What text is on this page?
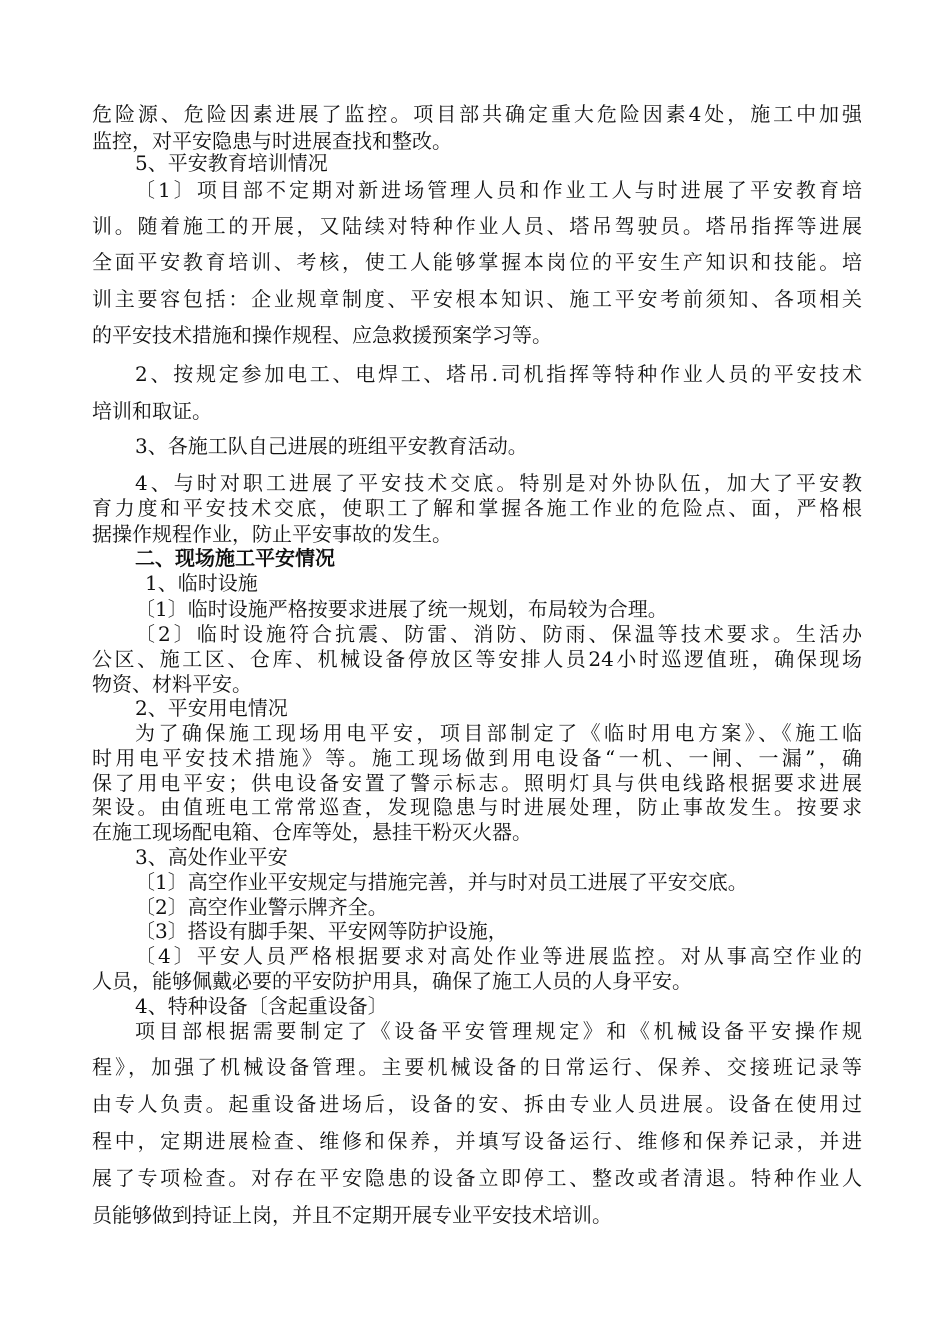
危险源、危险因素进展了监控。项目部共确定重大危险因素4处，施工中加强
监控，对平安隐患与时进展查找和整改。
5、平安教育培训情况
〔1〕项目部不定期对新进场管理人员和作业工人与时进展了平安教育培
训。随着施工的开展，又陆续对特种作业人员、塔吊驾驶员。塔吊指挥等进展
全面平安教育培训、考核，使工人能够掌握本岗位的平安生产知识和技能。培
训主要容包括：企业规章制度、平安根本知识、施工平安考前须知、各项相关
的平安技术措施和操作规程、应急救援预案学习等。
2、按规定参加电工、电焊工、塔吊.司机指挥等特种作业人员的平安技术
培训和取证。
3、各施工队自己进展的班组平安教育活动。
4、与时对职工进展了平安技术交底。特别是对外协队伍，加大了平安教
育力度和平安技术交底，使职工了解和掌握各施工作业的危险点、面，严格根
据操作规程作业，防止平安事故的发生。
二、现场施工平安情况
1、临时设施
〔1〕临时设施严格按要求进展了统一规划，布局较为合理。
〔2〕临时设施符合抗震、防雷、消防、防雨、保温等技术要求。生活办
公区、施工区、仓库、机械设备停放区等安排人员24小时巡逻值班，确保现场
物资、材料平安。
2、平安用电情况
为了确保施工现场用电平安，项目部制定了《临时用电方案》、《施工临
时用电平安技术措施》等。施工现场做到用电设备“一机、一闸、一漏”，确
保了用电平安；供电设备安置了警示标志。照明灯具与供电线路根据要求进展
架设。由值班电工常常巡查，发现隐患与时进展处理，防止事故发生。按要求
在施工现场配电箱、仓库等处，悬挂干粉灭火器。
3、高处作业平安
〔1〕高空作业平安规定与措施完善，并与时对员工进展了平安交底。
〔2〕高空作业警示牌齐全。
〔3〕搭设有脚手架、平安网等防护设施，
〔4〕平安人员严格根据要求对高处作业等进展监控。对从事高空作业的
人员，能够佩戴必要的平安防护用具，确保了施工人员的人身平安。
4、特种设备〔含起重设备〕
项目部根据需要制定了《设备平安管理规定》和《机械设备平安操作规
程》，加强了机械设备管理。主要机械设备的日常运行、保养、交接班记录等
由专人负责。起重设备进场后，设备的安、拆由专业人员进展。设备在使用过
程中，定期进展检查、维修和保养，并填写设备运行、维修和保养记录，并进
展了专项检查。对存在平安隐患的设备立即停工、整改或者清退。特种作业人
员能够做到持证上岗，并且不定期开展专业平安技术培训。
